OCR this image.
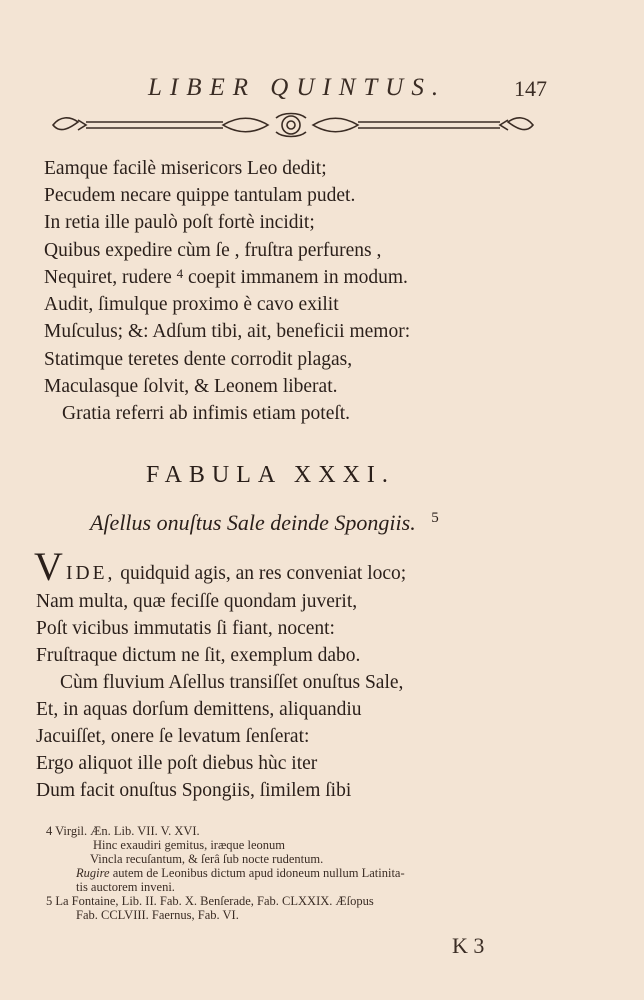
LIBER QUINTUS.	147
Eamque facilè misericors Leo dedit;
Pecudem necare quippe tantulam pudet.
In retia ille paulò poſt fortè incidit;
Quibus expedire cùm ſe , fruſtra perfurens ,
Nequiret, rudere $^4$ coepit immanem in modum.
Audit, ſimulque proximo è cavo exilit
Muſculus; &: Adſum tibi, ait, beneficii memor:
Statimque teretes dente corrodit plagas,
Maculasque ſolvit, & Leonem liberat.
Gratia referri ab infimis etiam poteſt.
FABULA XXXI.
Aſellus onuſtus Sale deinde Spongiis. $^5$
V IDE, quidquid agis, an res conveniat loco;
Nam multa, quæ feciſſe quondam juverit,
Poſt vicibus immutatis ſi fiant, nocent:
Fruſtraque dictum ne ſit, exemplum dabo.
Cùm fluvium Aſellus transiſſet onuſtus Sale,
Et, in aquas dorſum demittens, aliquandiu
Jacuiſſet, onere ſe levatum ſenſerat:
Ergo aliquot ille poſt diebus hùc iter
Dum facit onuſtus Spongiis, ſimilem ſibi
4 Virgil. Æn. Lib. VII. V. XVI.
Hinc exaudiri gemitus, iræque leonum
Vincla recuſantum, & ſerâ ſub nocte rudentum.
Rugire autem de Leonibus dictum apud idoneum nullum Latinita-
tis auctorem inveni.
5 La Fontaine, Lib. II. Fab. X. Benſerade, Fab. CLXXIX. Æſopus
Fab. CCLVIII. Faernus, Fab. VI.
K 3
